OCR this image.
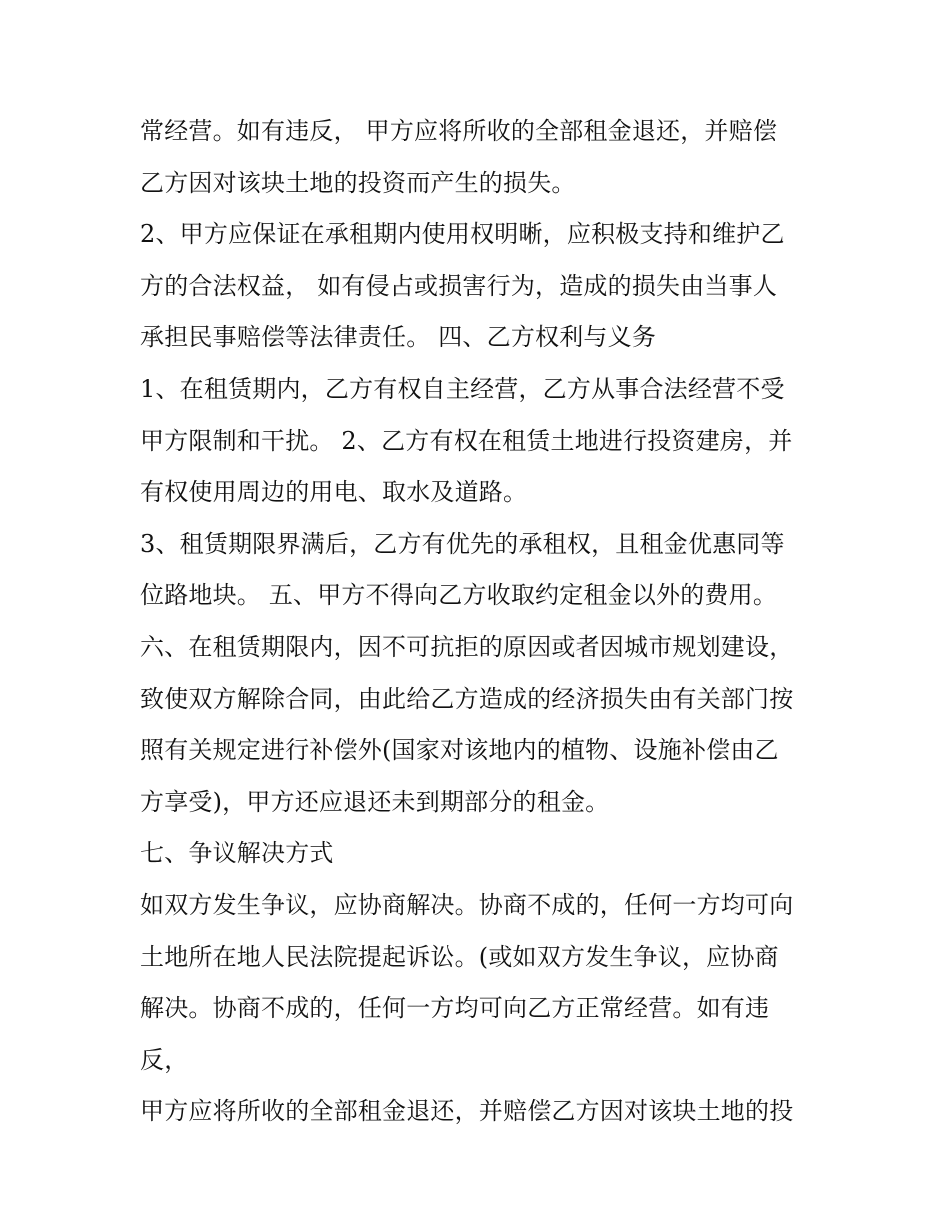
常经营。如有违反， 甲方应将所收的全部租金退还，并赔偿
乙方因对该块土地的投资而产生的损失。
2、甲方应保证在承租期内使用权明晰，应积极支持和维护乙
方的合法权益， 如有侵占或损害行为，造成的损失由当事人
承担民事赔偿等法律责任。 四、乙方权利与义务
1、在租赁期内，乙方有权自主经营，乙方从事合法经营不受
甲方限制和干扰。 2、乙方有权在租赁土地进行投资建房，并
有权使用周边的用电、取水及道路。
3、租赁期限界满后，乙方有优先的承租权，且租金优惠同等
位路地块。 五、甲方不得向乙方收取约定租金以外的费用。
六、在租赁期限内，因不可抗拒的原因或者因城市规划建设，
致使双方解除合同，由此给乙方造成的经济损失由有关部门按
照有关规定进行补偿外(国家对该地内的植物、设施补偿由乙
方享受)，甲方还应退还未到期部分的租金。
七、争议解决方式
如双方发生争议，应协商解决。协商不成的，任何一方均可向
土地所在地人民法院提起诉讼。(或如双方发生争议，应协商
解决。协商不成的，任何一方均可向乙方正常经营。如有违
反，
甲方应将所收的全部租金退还，并赔偿乙方因对该块土地的投
